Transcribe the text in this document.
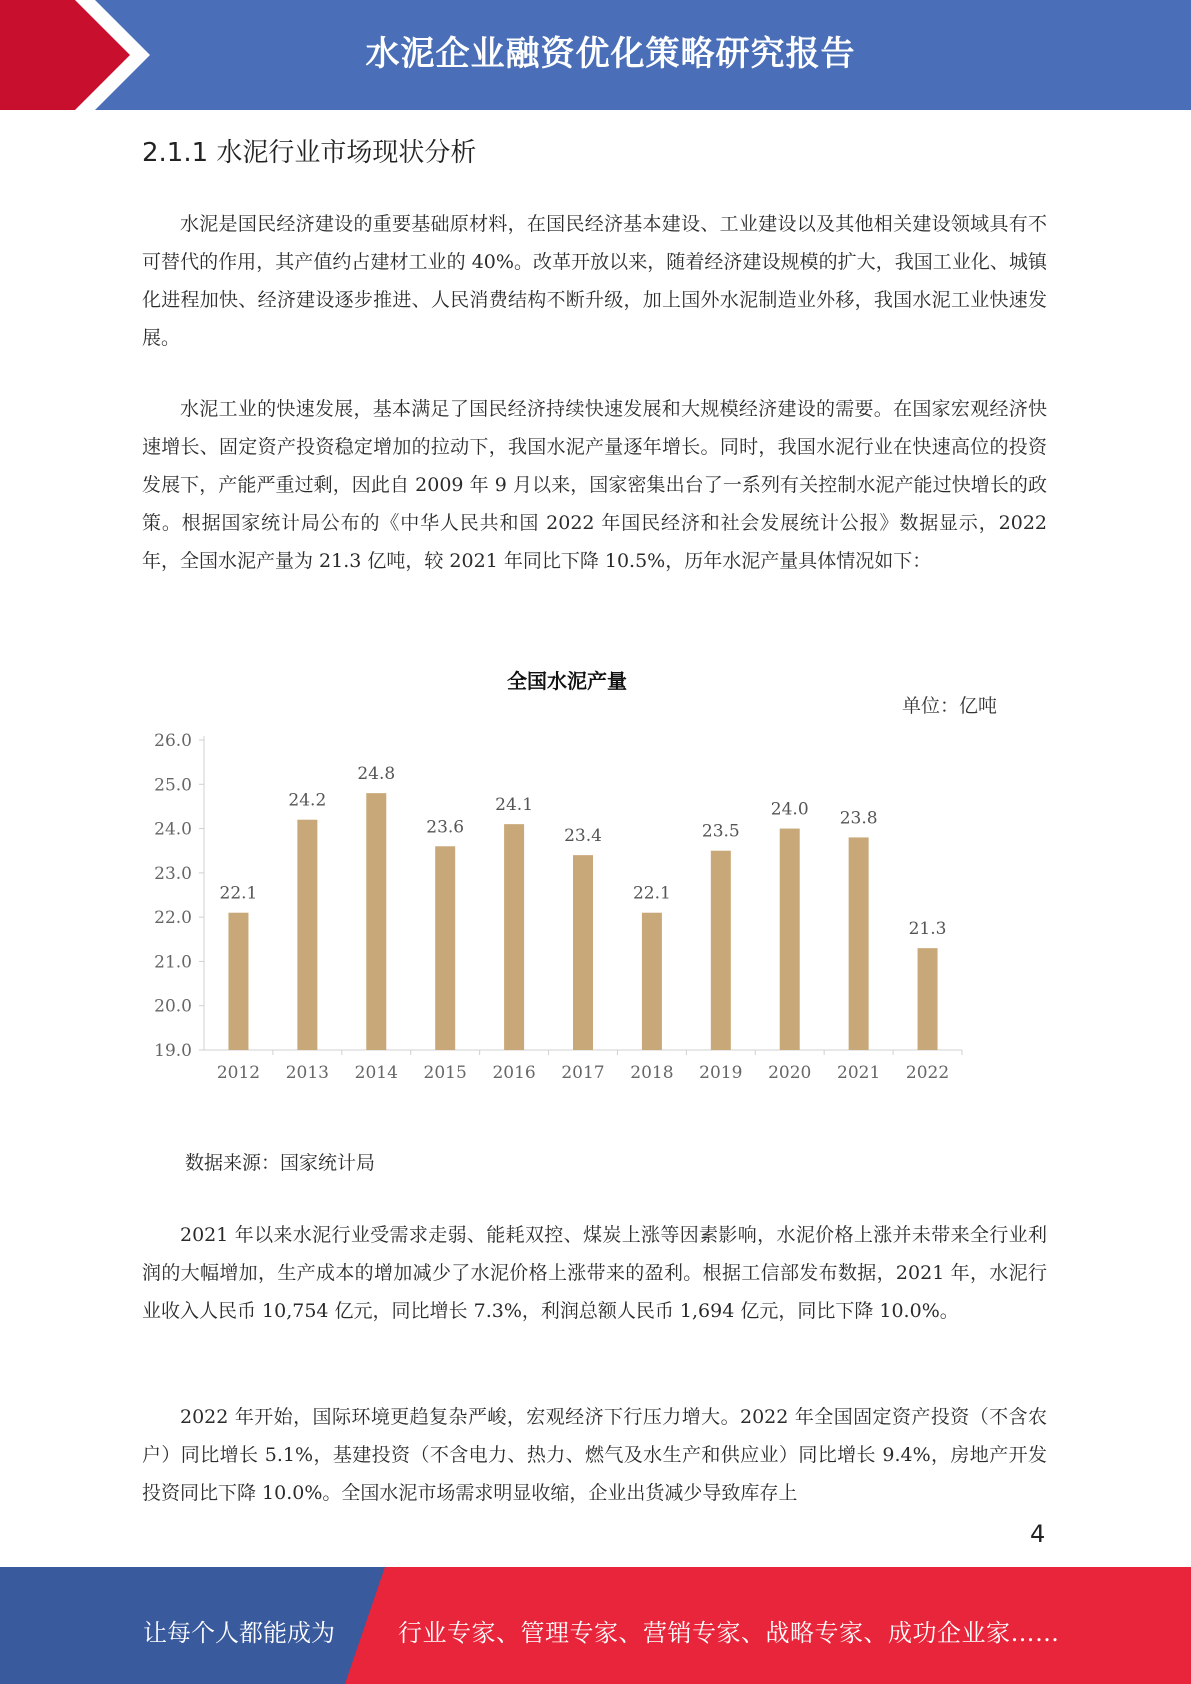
水泥企业融资优化策略研究报告
2.1.1 水泥行业市场现状分析

水泥是国民经济建设的重要基础原材料，在国民经济基本建设、工业建设以及其他相关建设领域具有不可替代的作用，其产值约占建材工业的 40%。改革开放以来，随着经济建设规模的扩大，我国工业化、城镇化进程加快、经济建设逐步推进、人民消费结构不断升级，加上国外水泥制造业外移，我国水泥工业快速发展。

水泥工业的快速发展，基本满足了国民经济持续快速发展和大规模经济建设的需要。在国家宏观经济快速增长、固定资产投资稳定增加的拉动下，我国水泥产量逐年增长。同时，我国水泥行业在快速高位的投资发展下，产能严重过剩，因此自 2009 年 9 月以来，国家密集出台了一系列有关控制水泥产能过快增长的政策。根据国家统计局公布的《中华人民共和国 2022 年国民经济和社会发展统计公报》数据显示，2022 年，全国水泥产量为 21.3 亿吨，较 2021 年同比下降 10.5%，历年水泥产量具体情况如下：

全国水泥产量
单位：亿吨
19.0
20.0
21.0
22.0
23.0
24.0
25.0
26.0
22.1
2012
24.2
2013
24.8
2014
23.6
2015
24.1
2016
23.4
2017
22.1
2018
23.5
2019
24.0
2020
23.8
2021
21.3
2022
数据来源：国家统计局

2021 年以来水泥行业受需求走弱、能耗双控、煤炭上涨等因素影响，水泥价格上涨并未带来全行业利润的大幅增加，生产成本的增加减少了水泥价格上涨带来的盈利。根据工信部发布数据，2021 年，水泥行业收入人民币 10,754 亿元，同比增长 7.3%，利润总额人民币 1,694 亿元，同比下降 10.0%。

2022 年开始，国际环境更趋复杂严峻，宏观经济下行压力增大。2022 年全国固定资产投资（不含农户）同比增长 5.1%，基建投资（不含电力、热力、燃气及水生产和供应业）同比增长 9.4%，房地产开发投资同比下降 10.0%。全国水泥市场需求明显收缩，企业出货减少导致库存上

4
让每个人都能成为	行业专家、管理专家、营销专家、战略专家、成功企业家……
